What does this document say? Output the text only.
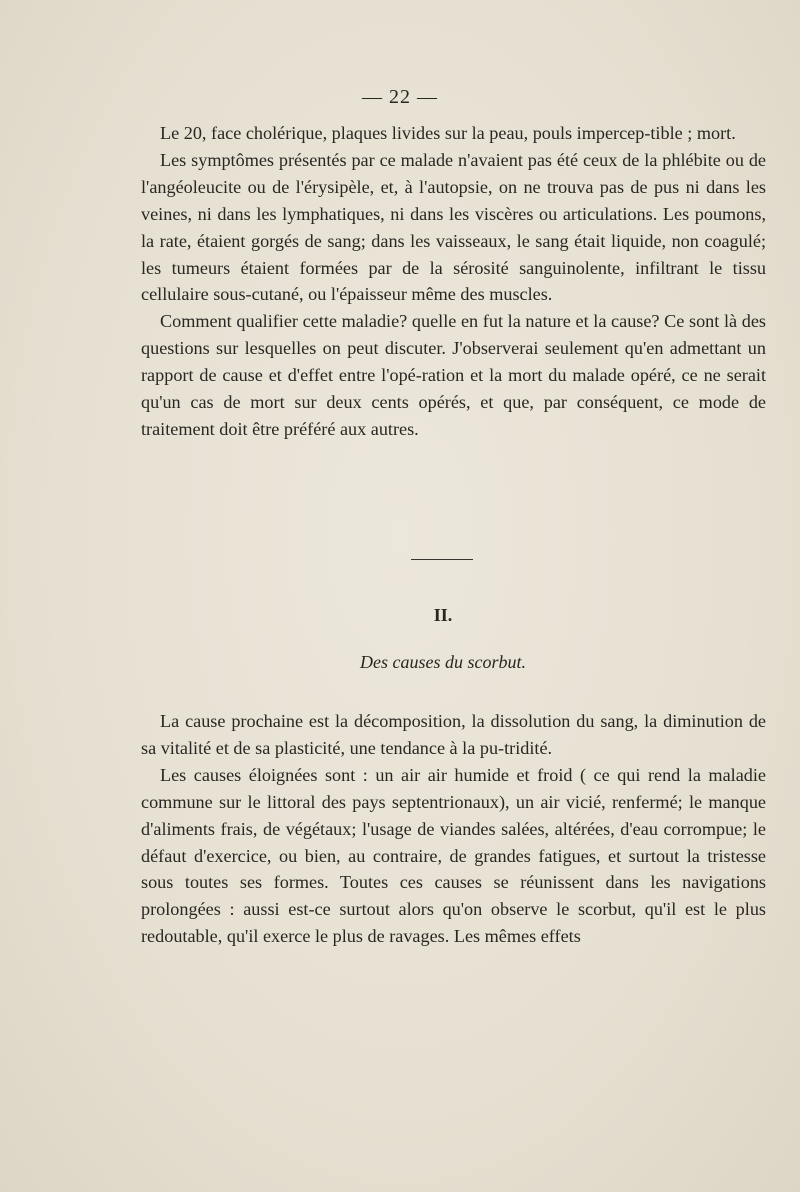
— 22 —

Le 20, face cholérique, plaques livides sur la peau, pouls impercep-tible ; mort.

Les symptômes présentés par ce malade n'avaient pas été ceux de la phlébite ou de l'angéoleucite ou de l'érysipèle, et, à l'autopsie, on ne trouva pas de pus ni dans les veines, ni dans les lymphatiques, ni dans les viscères ou articulations. Les poumons, la rate, étaient gorgés de sang; dans les vaisseaux, le sang était liquide, non coagulé; les tumeurs étaient formées par de la sérosité sanguinolente, infiltrant le tissu cellulaire sous-cutané, ou l'épaisseur même des muscles.

Comment qualifier cette maladie? quelle en fut la nature et la cause? Ce sont là des questions sur lesquelles on peut discuter. J'observerai seulement qu'en admettant un rapport de cause et d'effet entre l'opé-ration et la mort du malade opéré, ce ne serait qu'un cas de mort sur deux cents opérés, et que, par conséquent, ce mode de traitement doit être préféré aux autres.

II.
Des causes du scorbut.

La cause prochaine est la décomposition, la dissolution du sang, la diminution de sa vitalité et de sa plasticité, une tendance à la pu-tridité.

Les causes éloignées sont : un air air humide et froid ( ce qui rend la maladie commune sur le littoral des pays septentrionaux), un air vicié, renfermé; le manque d'aliments frais, de végétaux; l'usage de viandes salées, altérées, d'eau corrompue; le défaut d'exercice, ou bien, au contraire, de grandes fatigues, et surtout la tristesse sous toutes ses formes. Toutes ces causes se réunissent dans les navigations prolongées : aussi est-ce surtout alors qu'on observe le scorbut, qu'il est le plus redoutable, qu'il exerce le plus de ravages. Les mêmes effets
